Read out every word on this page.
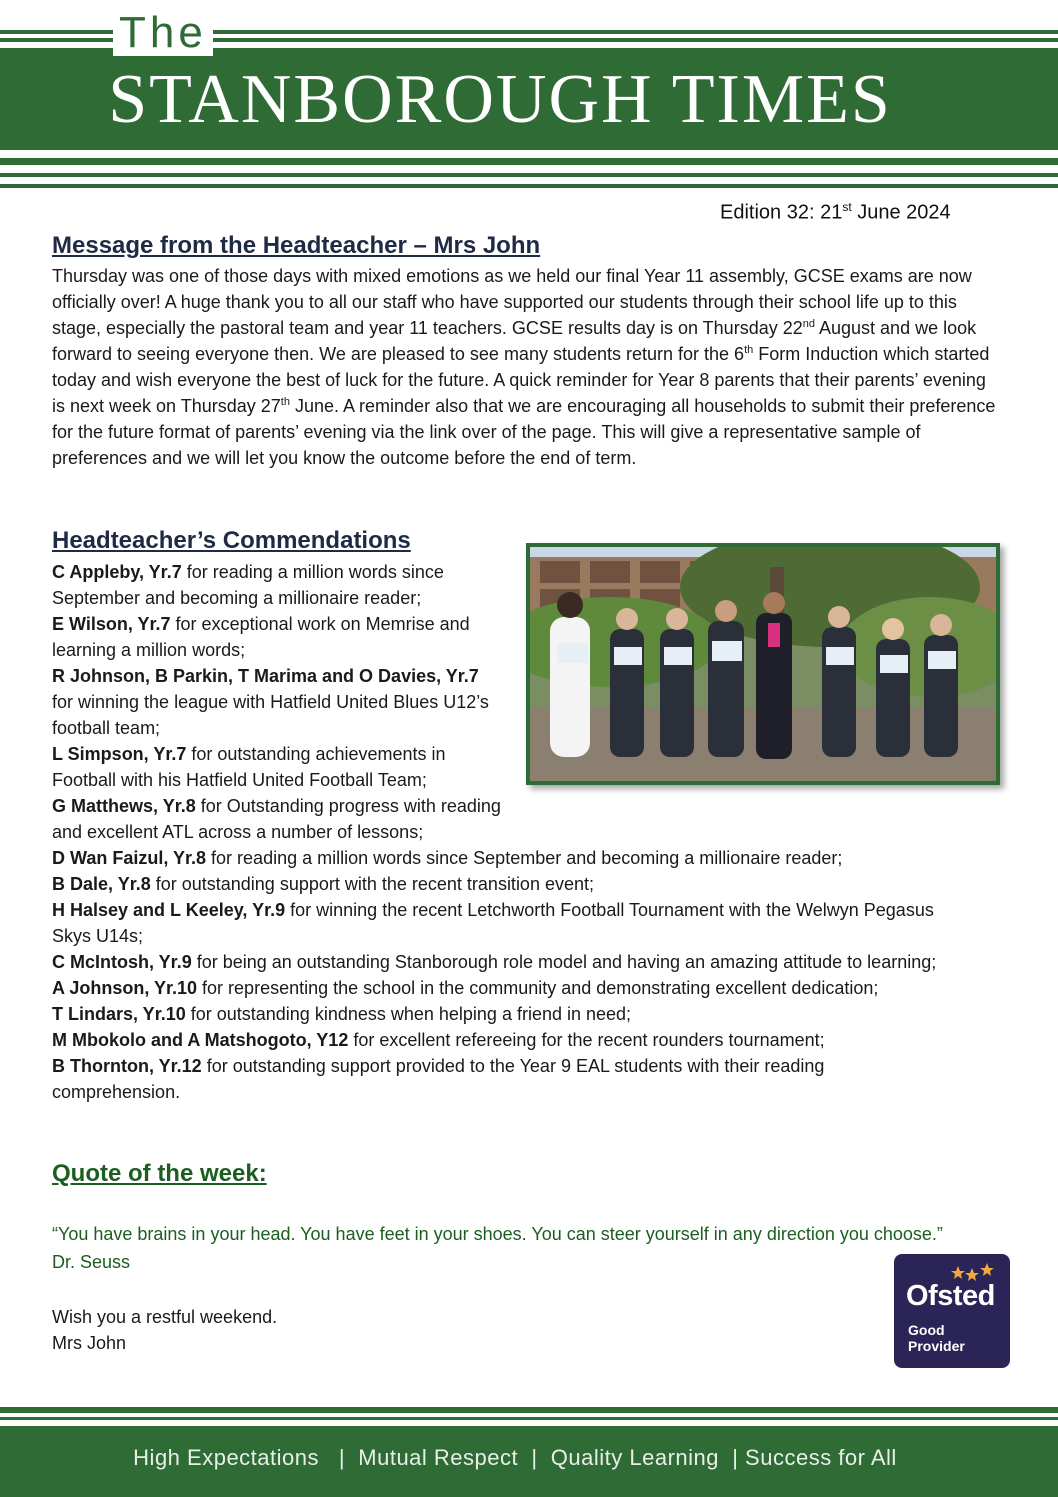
The
STANBOROUGH TIMES
Edition 32: 21st June 2024
Message from the Headteacher – Mrs John
Thursday was one of those days with mixed emotions as we held our final Year 11 assembly, GCSE exams are now officially over! A huge thank you to all our staff who have supported our students through their school life up to this stage, especially the pastoral team and year 11 teachers. GCSE results day is on Thursday 22nd August and we look forward to seeing everyone then. We are pleased to see many students return for the 6th Form Induction which started today and wish everyone the best of luck for the future. A quick reminder for Year 8 parents that their parents’ evening is next week on Thursday 27th June. A reminder also that we are encouraging all households to submit their preference for the future format of parents’ evening via the link over of the page. This will give a representative sample of preferences and we will let you know the outcome before the end of term.
Headteacher’s Commendations
C Appleby, Yr.7 for reading a million words since September and becoming a millionaire reader;
E Wilson, Yr.7 for exceptional work on Memrise and learning a million words;
R Johnson, B Parkin, T Marima and O Davies, Yr.7 for winning the league with Hatfield United Blues U12’s football team;
L Simpson, Yr.7 for outstanding achievements in Football with his Hatfield United Football Team;
G Matthews, Yr.8 for Outstanding progress with reading and excellent ATL across a number of lessons;
D Wan Faizul, Yr.8 for reading a million words since September and becoming a millionaire reader;
B Dale, Yr.8 for outstanding support with the recent transition event;
H Halsey and L Keeley, Yr.9 for winning the recent Letchworth Football Tournament with the Welwyn Pegasus Skys U14s;
C McIntosh, Yr.9 for being an outstanding Stanborough role model and having an amazing attitude to learning;
A Johnson, Yr.10 for representing the school in the community and demonstrating excellent dedication;
T Lindars, Yr.10 for outstanding kindness when helping a friend in need;
M Mbokolo and A Matshogoto, Y12 for excellent refereeing for the recent rounders tournament;
B Thornton, Yr.12 for outstanding support provided to the Year 9 EAL students with their reading comprehension.
Quote of the week:
“You have brains in your head. You have feet in your shoes. You can steer yourself in any direction you choose.” Dr. Seuss
Wish you a restful weekend.
Mrs John
Ofsted
Good
Provider
High Expectations   |  Mutual Respect  |  Quality Learning  | Success for All
